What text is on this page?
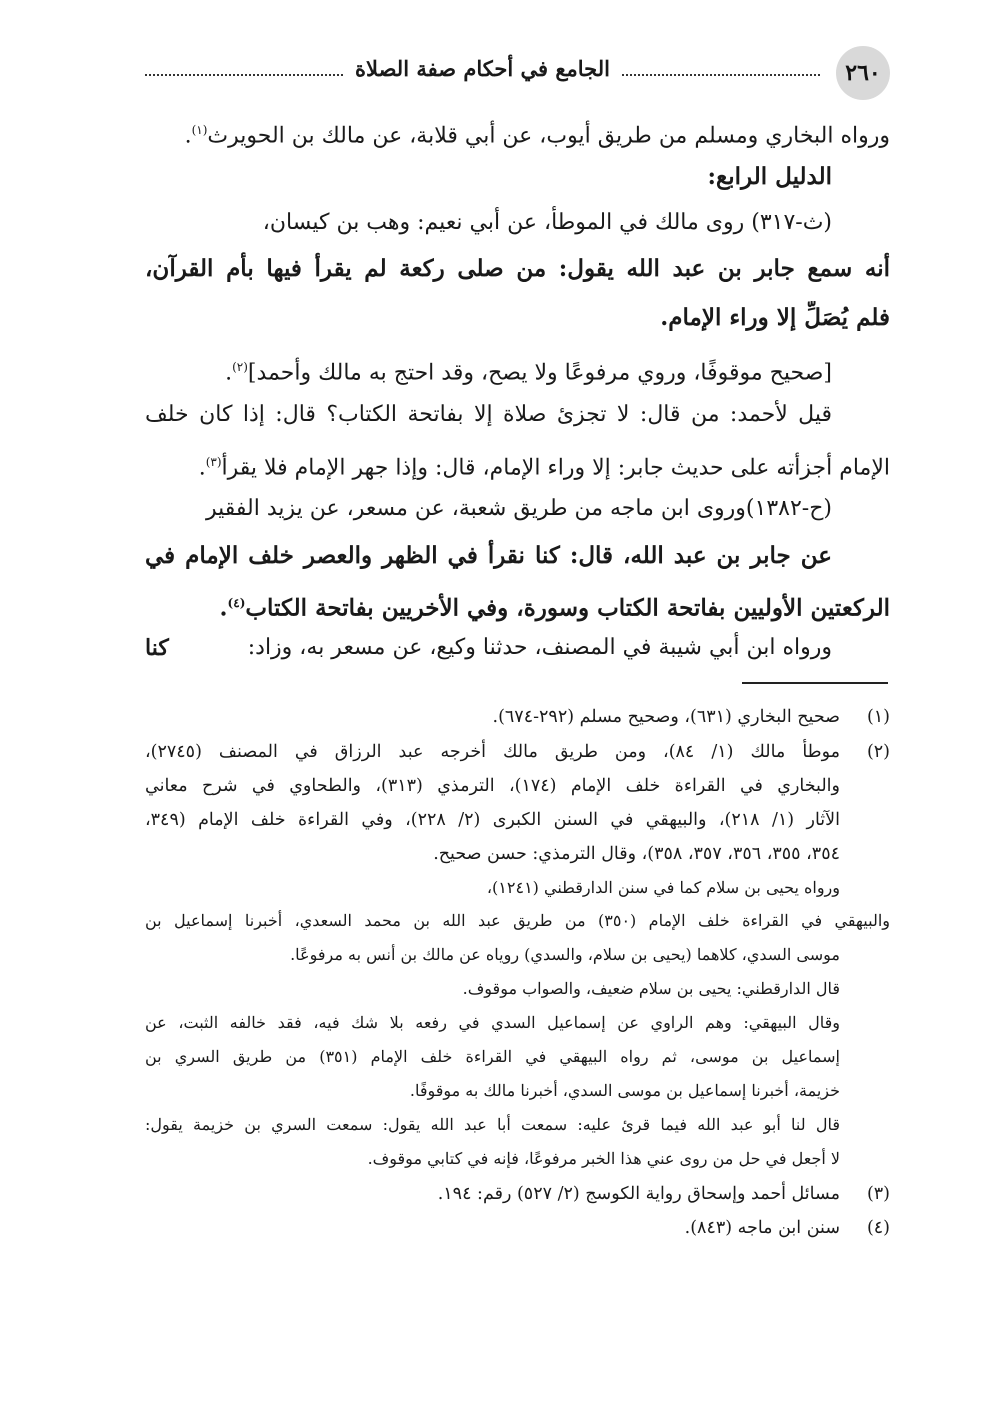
٢٦٠
الجامع في أحكام صفة الصلاة
ورواه البخاري ومسلم من طريق أيوب، عن أبي قلابة، عن مالك بن الحويرث$^{(١)}$.
الدليل الرابع:
(ث-٣١٧) روى مالك في الموطأ، عن أبي نعيم: وهب بن كيسان،
أنه سمع جابر بن عبد الله يقول: من صلى ركعة لم يقرأ فيها بأم القرآن،
فلم يُصَلِّ إلا وراء الإمام.
[صحيح موقوفًا، وروي مرفوعًا ولا يصح، وقد احتج به مالك وأحمد]$^{(٢)}$.
قيل لأحمد: من قال: لا تجزئ صلاة إلا بفاتحة الكتاب؟ قال: إذا كان خلف
الإمام أجزأته على حديث جابر: إلا وراء الإمام، قال: وإذا جهر الإمام فلا يقرأ$^{(٣)}$.
(ح-١٣٨٢)وروى ابن ماجه من طريق شعبة، عن مسعر، عن يزيد الفقير
عن جابر بن عبد الله، قال: كنا نقرأ في الظهر والعصر خلف الإمام في
الركعتين الأوليين بفاتحة الكتاب وسورة، وفي الأخريين بفاتحة الكتاب$^{(٤)}$.
ورواه ابن أبي شيبة في المصنف، حدثنا وكيع، عن مسعر به، وزاد:
كنا
(١)
صحيح البخاري (٦٣١)، وصحيح مسلم (٢٩٢-٦٧٤).
(٢)
موطأ مالك (١/ ٨٤)، ومن طريق مالك أخرجه عبد الرزاق في المصنف (٢٧٤٥)،
والبخاري في القراءة خلف الإمام (١٧٤)، الترمذي (٣١٣)، والطحاوي في شرح معاني
الآثار (١/ ٢١٨)، والبيهقي في السنن الكبرى (٢/ ٢٢٨)، وفي القراءة خلف الإمام (٣٤٩،
٣٥٤، ٣٥٥، ٣٥٦، ٣٥٧، ٣٥٨)، وقال الترمذي: حسن صحيح.
ورواه يحيى بن سلام كما في سنن الدارقطني (١٢٤١)،
والبيهقي في القراءة خلف الإمام (٣٥٠) من طريق عبد الله بن محمد السعدي، أخبرنا إسماعيل بن
موسى السدي، كلاهما (يحيى بن سلام، والسدي) روياه عن مالك بن أنس به مرفوعًا.
قال الدارقطني: يحيى بن سلام ضعيف، والصواب موقوف.
وقال البيهقي: وهم الراوي عن إسماعيل السدي في رفعه بلا شك فيه، فقد خالفه الثبت، عن
إسماعيل بن موسى، ثم رواه البيهقي في القراءة خلف الإمام (٣٥١) من طريق السري بن
خزيمة، أخبرنا إسماعيل بن موسى السدي، أخبرنا مالك به موقوفًا.
قال لنا أبو عبد الله فيما قرئ عليه: سمعت أبا عبد الله يقول: سمعت السري بن خزيمة يقول:
لا أجعل في حل من روى عني هذا الخبر مرفوعًا، فإنه في كتابي موقوف.
(٣)
مسائل أحمد وإسحاق رواية الكوسج (٢/ ٥٢٧) رقم: ١٩٤.
(٤)
سنن ابن ماجه (٨٤٣).
